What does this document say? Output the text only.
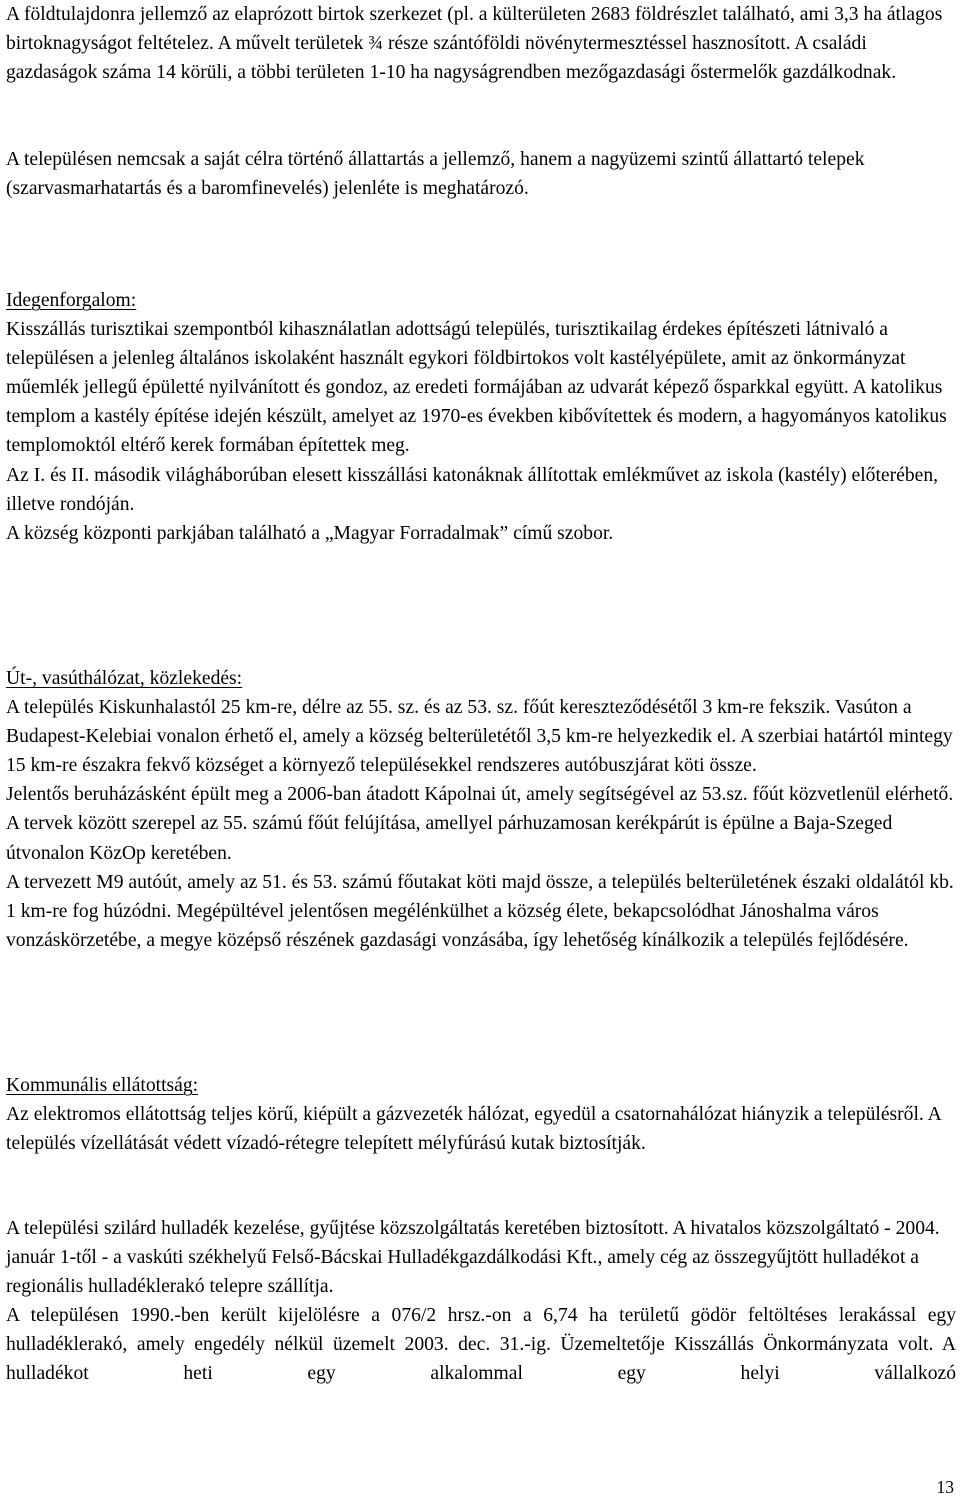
A földtulajdonra jellemző az elaprózott birtok szerkezet (pl. a külterületen 2683 földrészlet található, ami 3,3 ha átlagos birtoknagyságot feltételez. A művelt területek ¾ része szántóföldi növénytermesztéssel hasznosított. A családi gazdaságok száma 14 körüli, a többi területen 1-10 ha nagyságrendben mezőgazdasági őstermelők gazdálkodnak.

A településen nemcsak a saját célra történő állattartás a jellemző, hanem a nagyüzemi szintű állattartó telepek (szarvasmarhatartás és a baromfinevelés) jelenléte is meghatározó.

Idegenforgalom:

Kisszállás turisztikai szempontból kihasználatlan adottságú település, turisztikailag érdekes építészeti látnivaló a településen a jelenleg általános iskolaként használt egykori földbirtokos volt kastélyépülete, amit az önkormányzat műemlék jellegű épületté nyilvánított és gondoz, az eredeti formájában az udvarát képező ősparkkal együtt. A katolikus templom a kastély építése idején készült, amelyet az 1970-es években kibővítettek és modern, a hagyományos katolikus templomoktól eltérő kerek formában építettek meg.

Az I. és II. második világháborúban elesett kisszállási katonáknak állítottak emlékművet az iskola (kastély) előterében, illetve rondóján.

A község központi parkjában található a „Magyar Forradalmak” című szobor.

Út-, vasúthálózat, közlekedés:

A település Kiskunhalastól 25 km-re, délre az 55. sz. és az 53. sz. főút kereszteződésétől 3 km-re fekszik. Vasúton a Budapest-Kelebiai vonalon érhető el, amely a község belterületétől 3,5 km-re helyezkedik el. A szerbiai határtól mintegy 15 km-re északra fekvő községet a környező településekkel rendszeres autóbuszjárat köti össze.

Jelentős beruházásként épült meg a 2006-ban átadott Kápolnai út, amely segítségével az 53.sz. főút közvetlenül elérhető.

A tervek között szerepel az 55. számú főút felújítása, amellyel párhuzamosan kerékpárút is épülne a Baja-Szeged útvonalon KözOp keretében.

A tervezett M9 autóút, amely az 51. és 53. számú főutakat köti majd össze, a település belterületének északi oldalától kb. 1 km-re fog húzódni. Megépültével jelentősen megélénkülhet a község élete, bekapcsolódhat Jánoshalma város vonzáskörzetébe, a megye középső részének gazdasági vonzásába, így lehetőség kínálkozik a település fejlődésére.

Kommunális ellátottság:

Az elektromos ellátottság teljes körű, kiépült a gázvezeték hálózat, egyedül a csatornahálózat hiányzik a településről. A település vízellátását védett vízadó-rétegre telepített mélyfúrású kutak biztosítják.

A települési szilárd hulladék kezelése, gyűjtése közszolgáltatás keretében biztosított. A hivatalos közszolgáltató - 2004. január 1-től - a vaskúti székhelyű Felső-Bácskai Hulladékgazdálkodási Kft., amely cég az összegyűjtött hulladékot a regionális hulladéklerakó telepre szállítja.

A településen 1990.-ben került kijelölésre a 076/2 hrsz.-on a 6,74 ha területű gödör feltöltéses lerakással egy hulladéklerakó, amely engedély nélkül üzemelt 2003. dec. 31.-ig. Üzemeltetője Kisszállás Önkormányzata volt. A hulladékot heti egy alkalommal egy helyi vállalkozó

13
